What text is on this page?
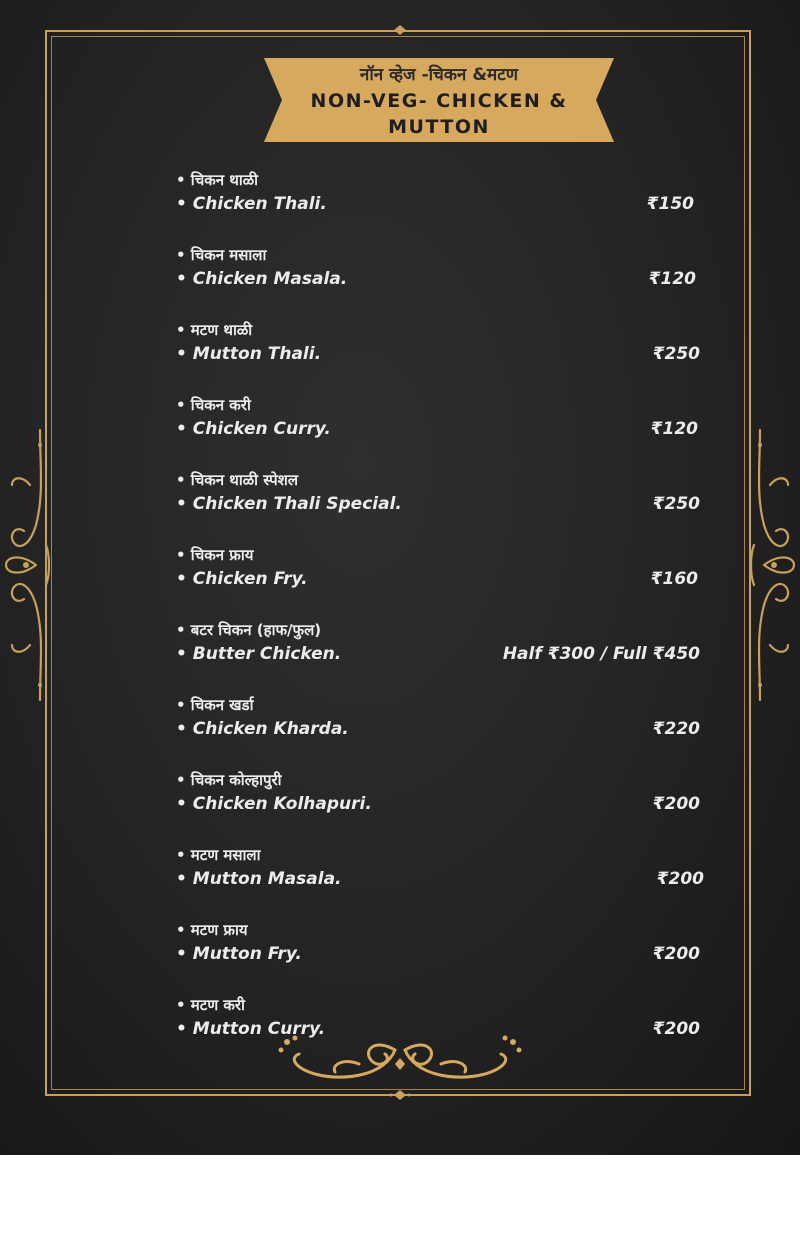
नॉन व्हेज -चिकन &मटण
NON-VEG- CHICKEN & MUTTON
• चिकन थाळी
• Chicken Thali.	₹150
• चिकन मसाला
• Chicken Masala.	₹120
• मटण थाळी
• Mutton Thali.	₹250
• चिकन करी
• Chicken Curry.	₹120
• चिकन थाळी स्पेशल
• Chicken Thali Special.	₹250
• चिकन फ्राय
• Chicken Fry.	₹160
• बटर चिकन (हाफ/फुल)
• Butter Chicken.	Half ₹300 / Full ₹450
• चिकन खर्डा
• Chicken Kharda.	₹220
• चिकन कोल्हापुरी
• Chicken Kolhapuri.	₹200
• मटण मसाला
• Mutton Masala.	₹200
• मटण फ्राय
• Mutton Fry.	₹200
• मटण करी
• Mutton Curry.	₹200
